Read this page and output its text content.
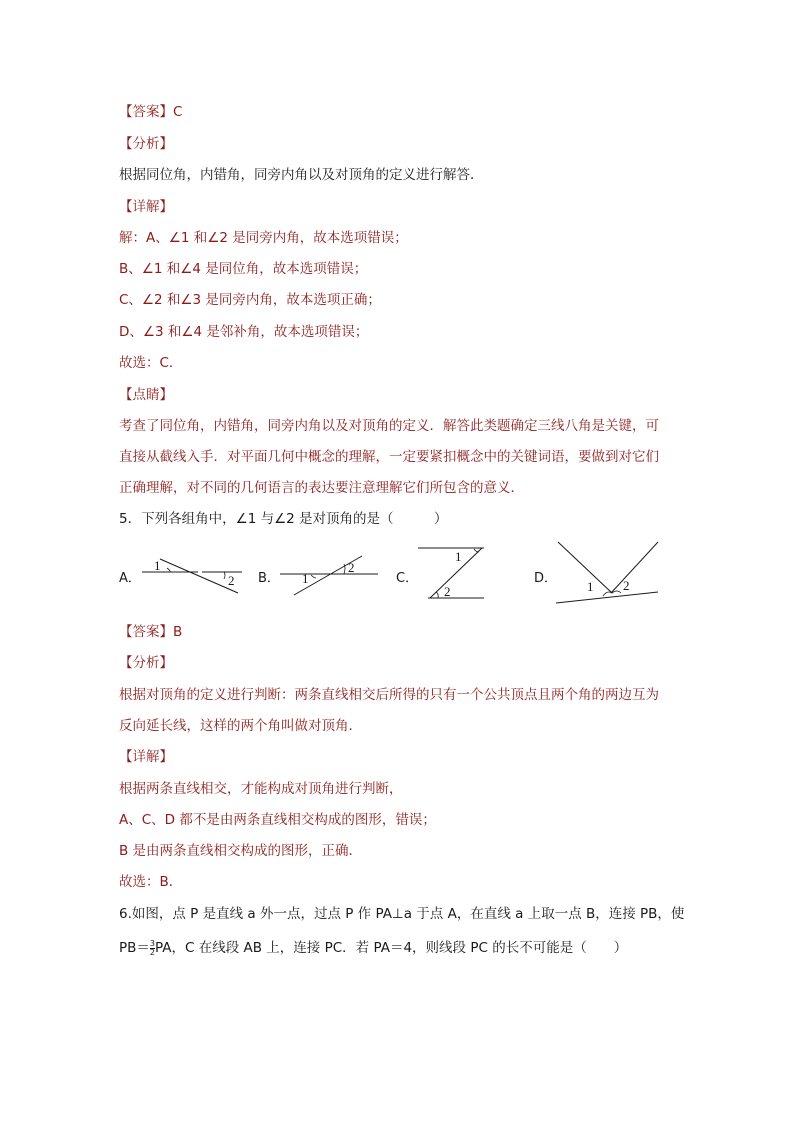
【答案】C
【分析】
根据同位角，内错角，同旁内角以及对顶角的定义进行解答．
【详解】
解：A、∠1 和∠2 是同旁内角，故本选项错误；
B、∠1 和∠4 是同位角，故本选项错误；
C、∠2 和∠3 是同旁内角，故本选项正确；
D、∠3 和∠4 是邻补角，故本选项错误；
故选：C．
【点睛】
考查了同位角，内错角，同旁内角以及对顶角的定义．解答此类题确定三线八角是关键，可
直接从截线入手．对平面几何中概念的理解，一定要紧扣概念中的关键词语，要做到对它们
正确理解，对不同的几何语言的表达要注意理解它们所包含的意义．
5．下列各组角中，∠1 与∠2 是对顶角的是（　　　）
A．
1
2 B． 1
2
C．
1
2
D．
1 2
【答案】B
【分析】
根据对顶角的定义进行判断：两条直线相交后所得的只有一个公共顶点且两个角的两边互为
反向延长线，这样的两个角叫做对顶角．
【详解】
根据两条直线相交，才能构成对顶角进行判断，
A、C、D 都不是由两条直线相交构成的图形，错误；
B 是由两条直线相交构成的图形，正确．
故选：B．
6.如图，点 P 是直线 a 外一点，过点 P 作 PA⊥a 于点 A，在直线 a 上取一点 B，连接 PB，使
$PB= \frac{3}{2}$ PA，C 在线段 AB 上，连接 PC．若 PA＝4，则线段 PC 的长不可能是（　　）
